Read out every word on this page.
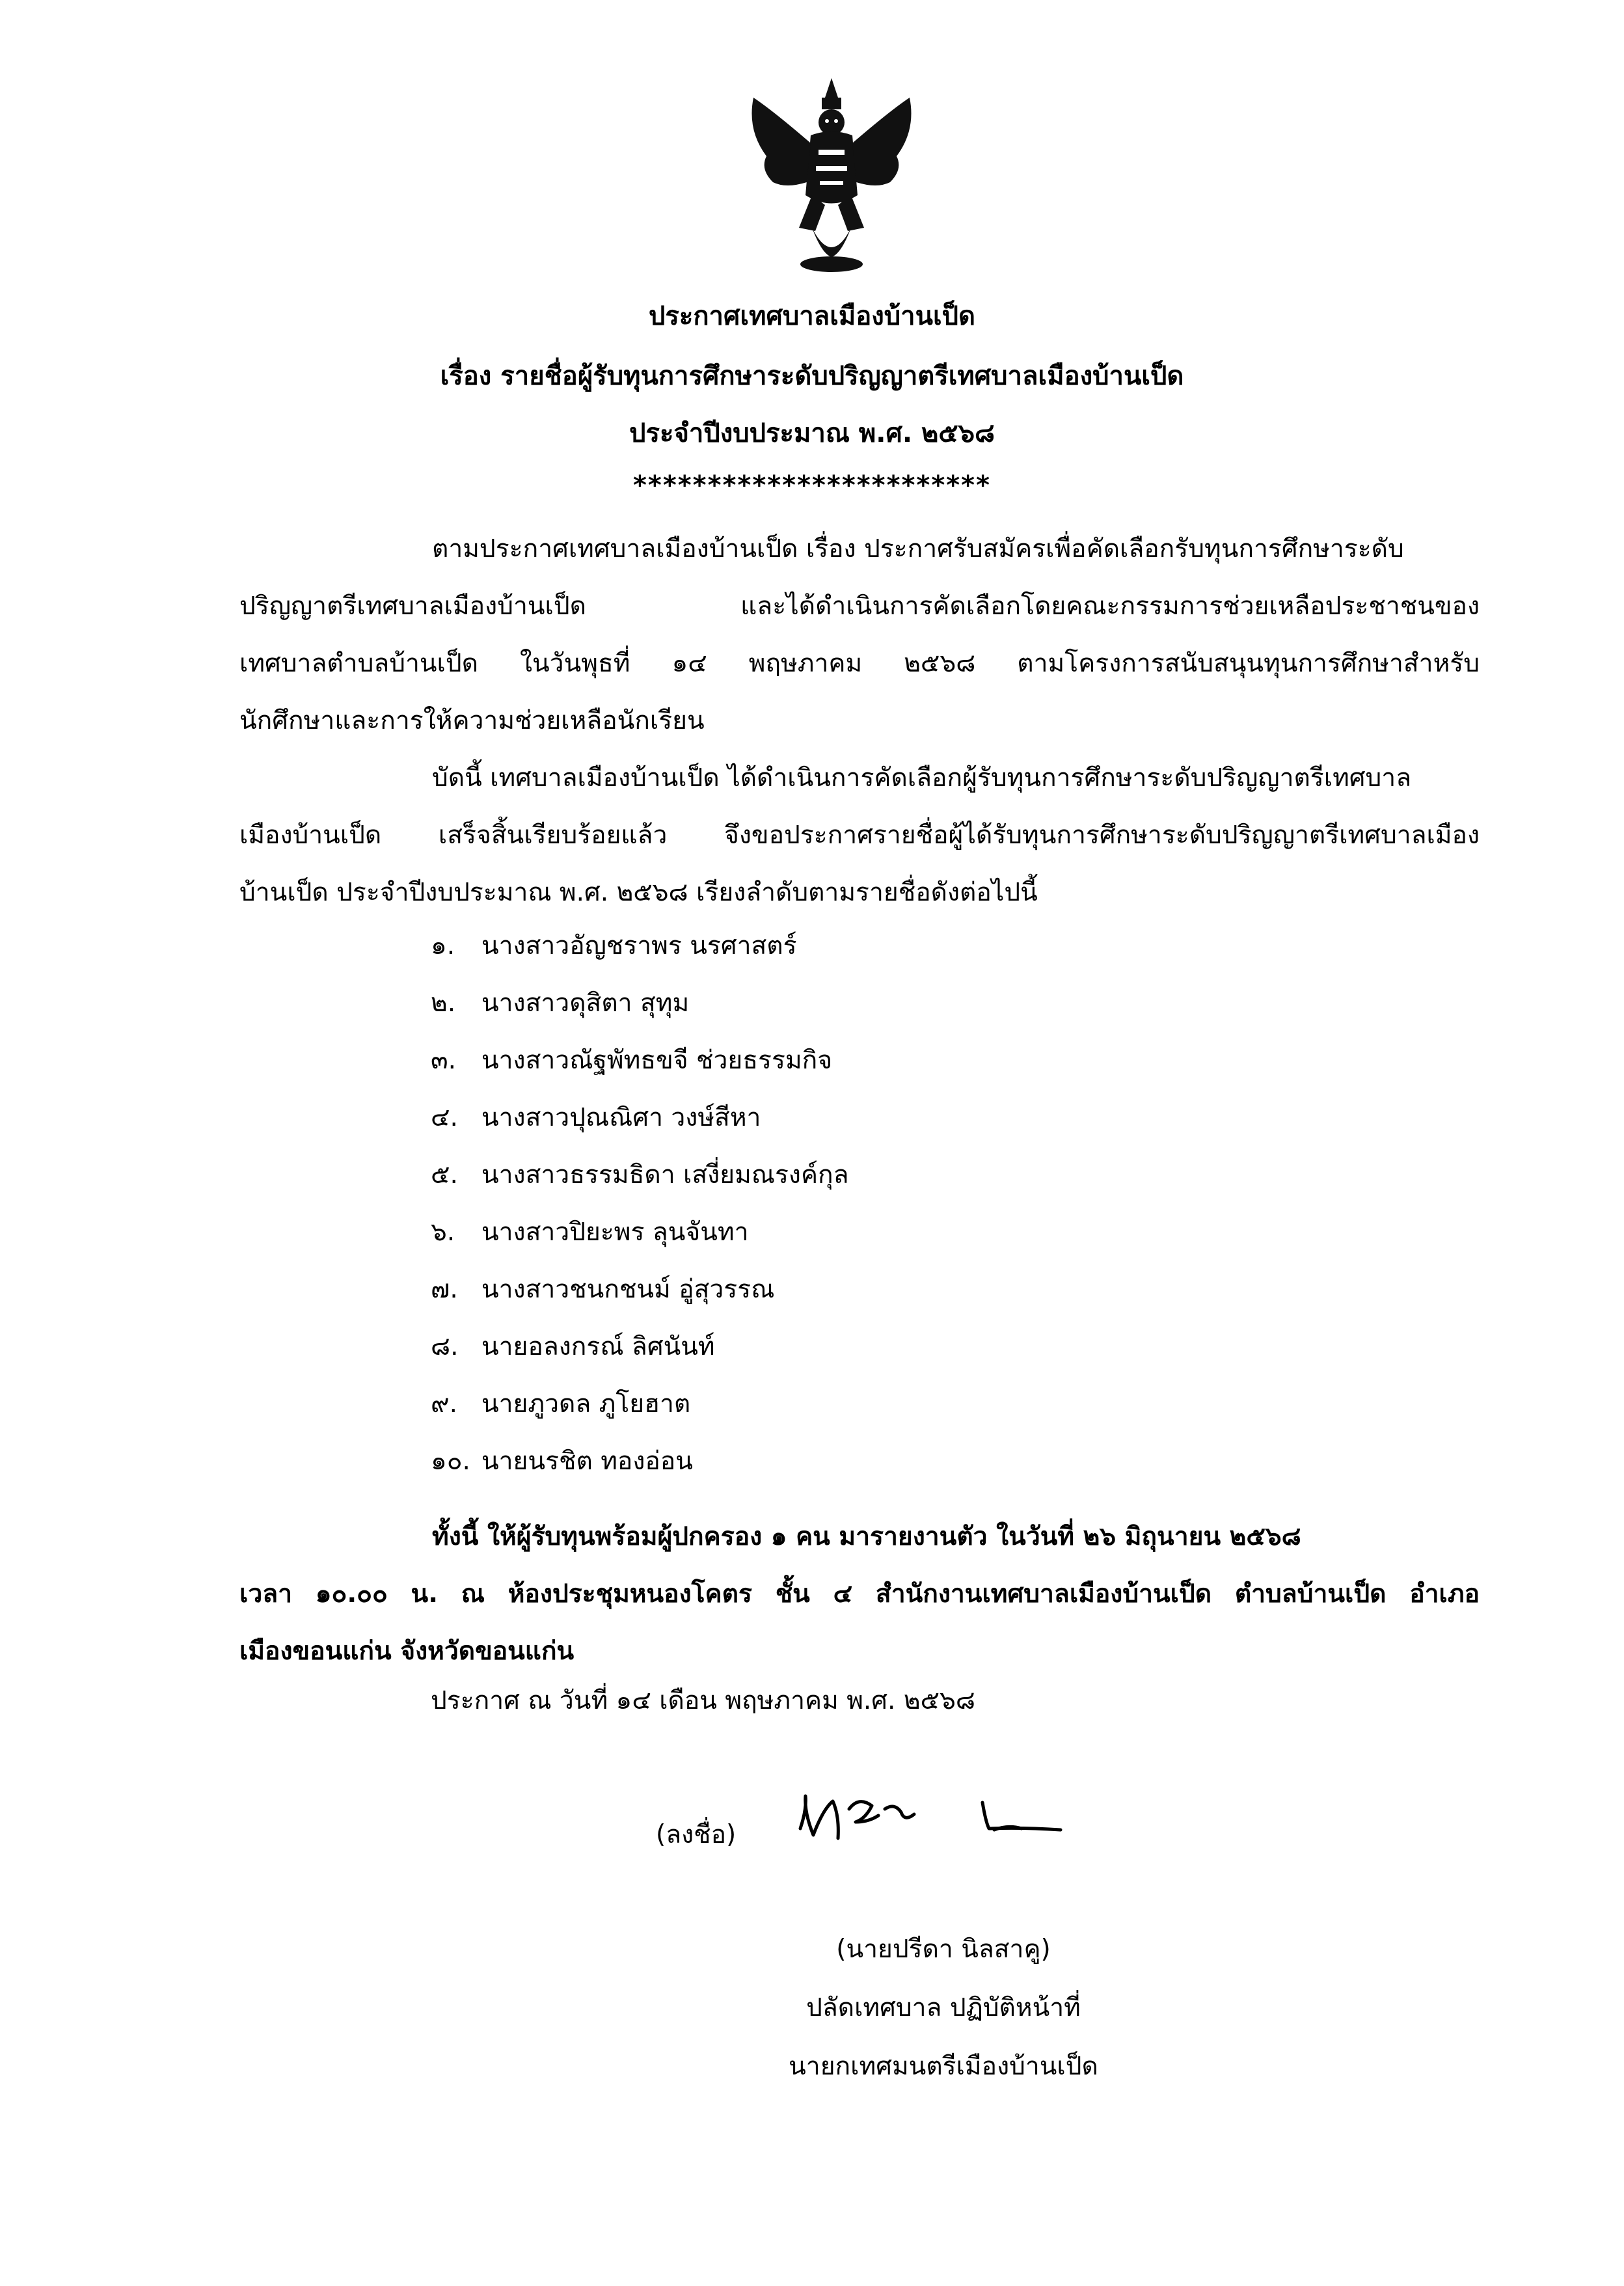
ประกาศเทศบาลเมืองบ้านเป็ด
เรื่อง รายชื่อผู้รับทุนการศึกษาระดับปริญญาตรีเทศบาลเมืองบ้านเป็ด
ประจำปีงบประมาณ พ.ศ. ๒๕๖๘
************************
ตามประกาศเทศบาลเมืองบ้านเป็ด เรื่อง ประกาศรับสมัครเพื่อคัดเลือกรับทุนการศึกษาระดับ
ปริญญาตรีเทศบาลเมืองบ้านเป็ด และได้ดำเนินการคัดเลือกโดยคณะกรรมการช่วยเหลือประชาชนของ
เทศบาลตำบลบ้านเป็ด ในวันพุธที่ ๑๔ พฤษภาคม ๒๕๖๘ ตามโครงการสนับสนุนทุนการศึกษาสำหรับ
นักศึกษาและการให้ความช่วยเหลือนักเรียน
บัดนี้ เทศบาลเมืองบ้านเป็ด ได้ดำเนินการคัดเลือกผู้รับทุนการศึกษาระดับปริญญาตรีเทศบาล
เมืองบ้านเป็ด เสร็จสิ้นเรียบร้อยแล้ว จึงขอประกาศรายชื่อผู้ได้รับทุนการศึกษาระดับปริญญาตรีเทศบาลเมือง
บ้านเป็ด ประจำปีงบประมาณ พ.ศ. ๒๕๖๘ เรียงลำดับตามรายชื่อดังต่อไปนี้
๑. นางสาวอัญชราพร นรศาสตร์
๒. นางสาวดุสิตา สุทุม
๓. นางสาวณัฐพัทธขจี ช่วยธรรมกิจ
๔. นางสาวปุณณิศา วงษ์สีหา
๕. นางสาวธรรมธิดา เสงี่ยมณรงค์กุล
๖. นางสาวปิยะพร ลุนจันทา
๗. นางสาวชนกชนม์ อู่สุวรรณ
๘. นายอลงกรณ์ ลิศนันท์
๙. นายภูวดล ภูโยฮาต
๑๐. นายนรชิต ทองอ่อน
ทั้งนี้ ให้ผู้รับทุนพร้อมผู้ปกครอง ๑ คน มารายงานตัว ในวันที่ ๒๖ มิถุนายน ๒๕๖๘
เวลา ๑๐.๐๐ น. ณ ห้องประชุมหนองโคตร ชั้น ๔ สำนักงานเทศบาลเมืองบ้านเป็ด ตำบลบ้านเป็ด อำเภอ
เมืองขอนแก่น จังหวัดขอนแก่น
ประกาศ ณ วันที่ ๑๔ เดือน พฤษภาคม พ.ศ. ๒๕๖๘
(ลงชื่อ)
(นายปรีดา นิลสาคู)
ปลัดเทศบาล ปฏิบัติหน้าที่
นายกเทศมนตรีเมืองบ้านเป็ด
